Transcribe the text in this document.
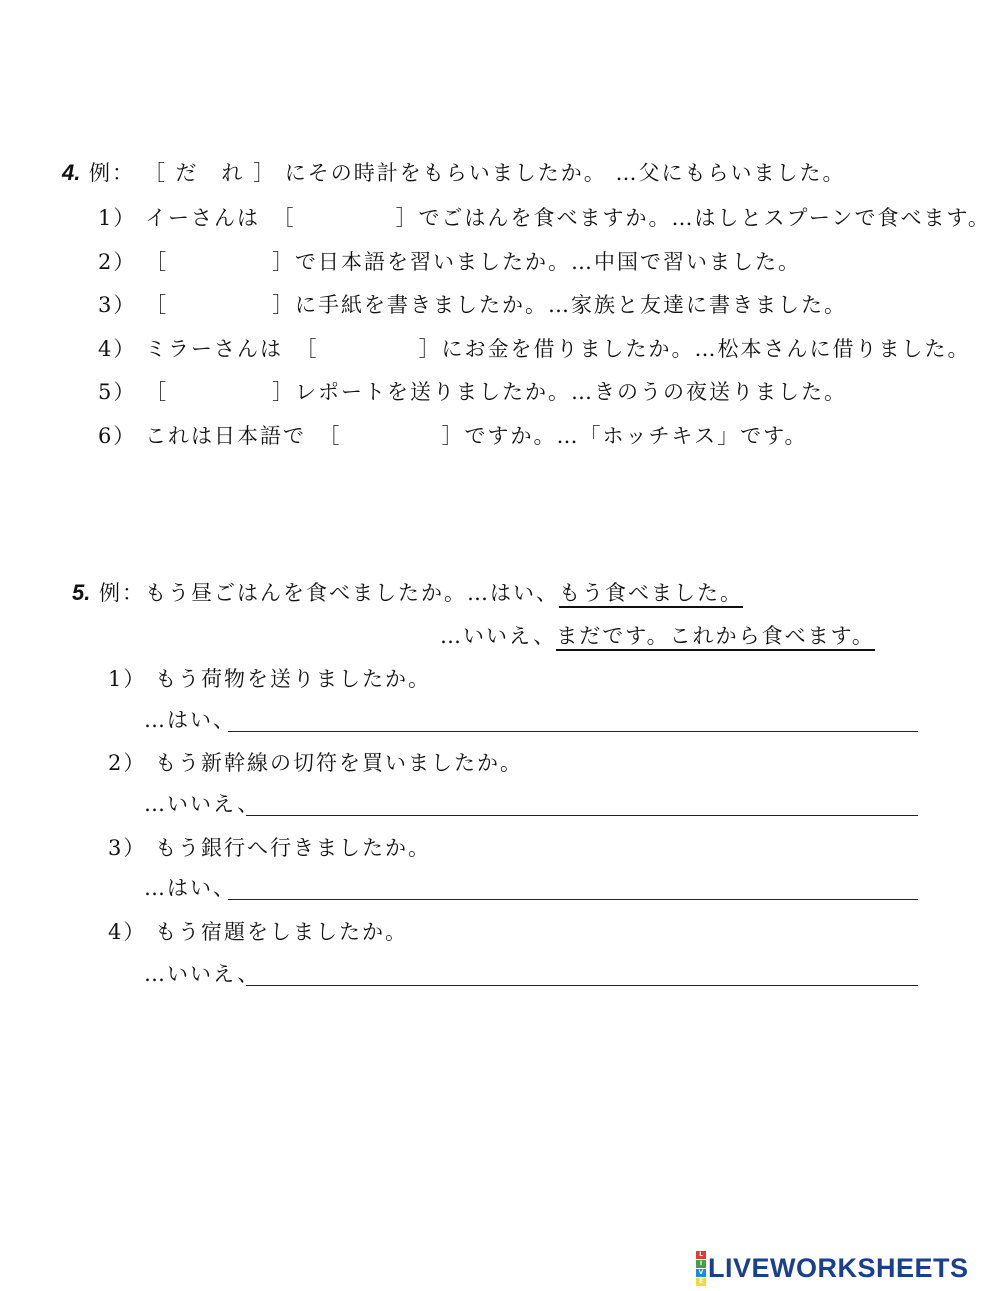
4. 例： ［ だ　れ ］ にその時計をもらいましたか。 …父にもらいました。
1） イーさんは　［	］でごはんを食べますか。…はしとスプーンで食べます。
2） ［	］で日本語を習いましたか。…中国で習いました。
3） ［	］に手紙を書きましたか。…家族と友達に書きました。
4） ミラーさんは　［	］にお金を借りましたか。…松本さんに借りました。
5） ［	］レポートを送りましたか。…きのうの夜送りました。
6） これは日本語で　［	］ですか。…「ホッチキス」です。
5. 例：もう昼ごはんを食べましたか。…はい、もう食べました。
…いいえ、まだです。これから食べます。
1） もう荷物を送りましたか。
…はい、
2） もう新幹線の切符を買いましたか。
…いいえ、
3） もう銀行へ行きましたか。
…はい、
4） もう宿題をしましたか。
…いいえ、
L
I
V
E LIVEWORKSHEETS
